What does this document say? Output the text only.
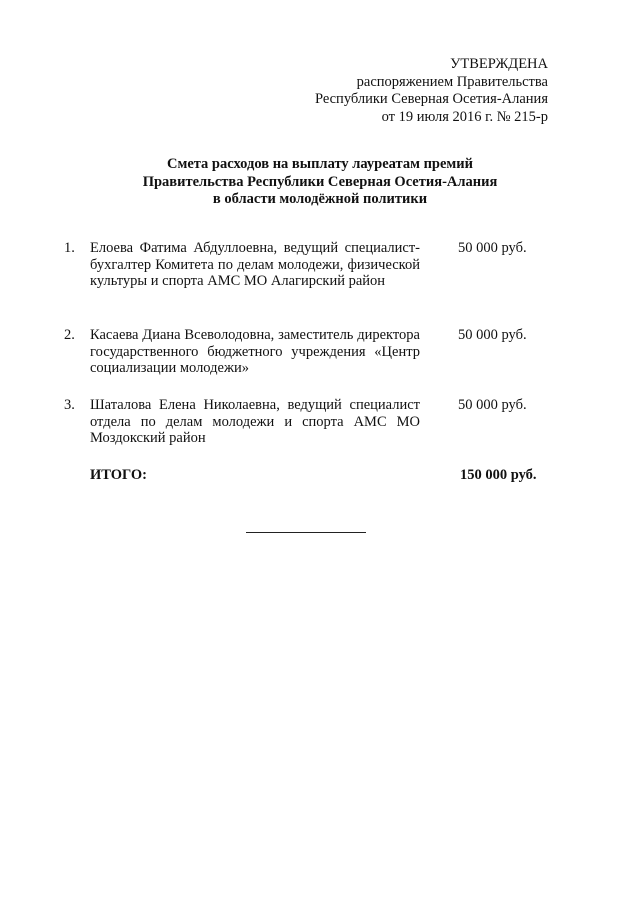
УТВЕРЖДЕНА
распоряжением Правительства
Республики Северная Осетия-Алания
от 19 июля 2016 г. № 215-р
Смета расходов на выплату лауреатам премий
Правительства Республики Северная Осетия-Алания
в области молодёжной политики
1. Елоева Фатима Абдуллоевна, ведущий специалист-бухгалтер Комитета по делам молодежи, физической культуры и спорта АМС МО Алагирский район
50 000 руб.
2. Касаева Диана Всеволодовна, заместитель директора государственного бюджетного учреждения «Центр социализации молодежи»
50 000 руб.
3. Шаталова Елена Николаевна, ведущий специалист отдела по делам молодежи и спорта АМС МО Моздокский район
50 000 руб.
ИТОГО:	150 000 руб.
